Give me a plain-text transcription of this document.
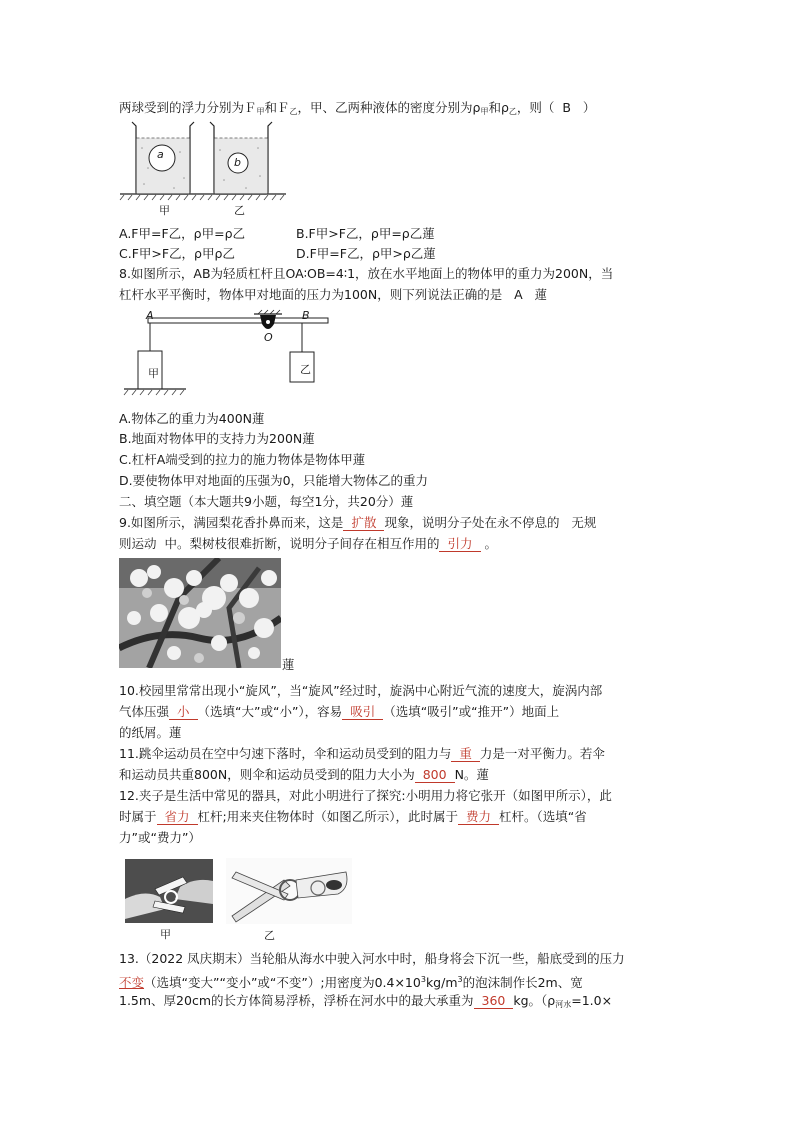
两球受到的浮力分别为Ｆ$_甲$和Ｆ$_乙$，甲、乙两种液体的密度分别为$\rho_甲$和$\rho_乙$，则（ B ）
a
b
甲	乙
A.F甲=F乙，ρ甲=ρ乙	B.F甲>F乙，ρ甲=ρ乙蓮
C.F甲>F乙，ρ甲ρ乙	D.F甲=F乙，ρ甲>ρ乙蓮
8.如图所示，AB为轻质杠杆且OA∶OB=4∶1，放在水平地面上的物体甲的重力为200N，当
杠杆水平平衡时，物体甲对地面的压力为100N，则下列说法正确的是 A 蓮
A	B
O
甲	乙
A.物体乙的重力为400N蓮
B.地面对物体甲的支持力为200N蓮
C.杠杆A端受到的拉力的施力物体是物体甲蓮
D.要使物体甲对地面的压强为0，只能增大物体乙的重力
二、填空题（本大题共9小题，每空1分，共20分）蓮
9.如图所示，满园梨花香扑鼻而来，这是 扩散 现象，说明分子处在永不停息的 无规
则运动 中。梨树枝很难折断，说明分子间存在相互作用的 引力 。
蓮
10.校园里常常出现小“旋风”，当“旋风”经过时，旋涡中心附近气流的速度大，旋涡内部
气体压强 小 （选填“大”或“小”），容易 吸引 （选填“吸引”或“推开”）地面上
的纸屑。蓮
11.跳伞运动员在空中匀速下落时，伞和运动员受到的阻力与 重 力是一对平衡力。若伞
和运动员共重800N，则伞和运动员受到的阻力大小为 800 N。蓮
12.夹子是生活中常见的器具，对此小明进行了探究:小明用力将它张开（如图甲所示），此
时属于 省力 杠杆;用来夹住物体时（如图乙所示），此时属于 费力 杠杆。（选填“省
力”或“费力”）
甲	乙
13.（2022 凤庆期末）当轮船从海水中驶入河水中时，船身将会下沉一些，船底受到的压力
不变（选填“变大”“变小”或“不变”）;用密度为$0.4\times 10^3kg/m^3$的泡沫制作长2m、宽
1.5m、厚20cm的长方体简易浮桥，浮桥在河水中的最大承重为 360 kg。（$\rho_{河水}=1.0\times$
